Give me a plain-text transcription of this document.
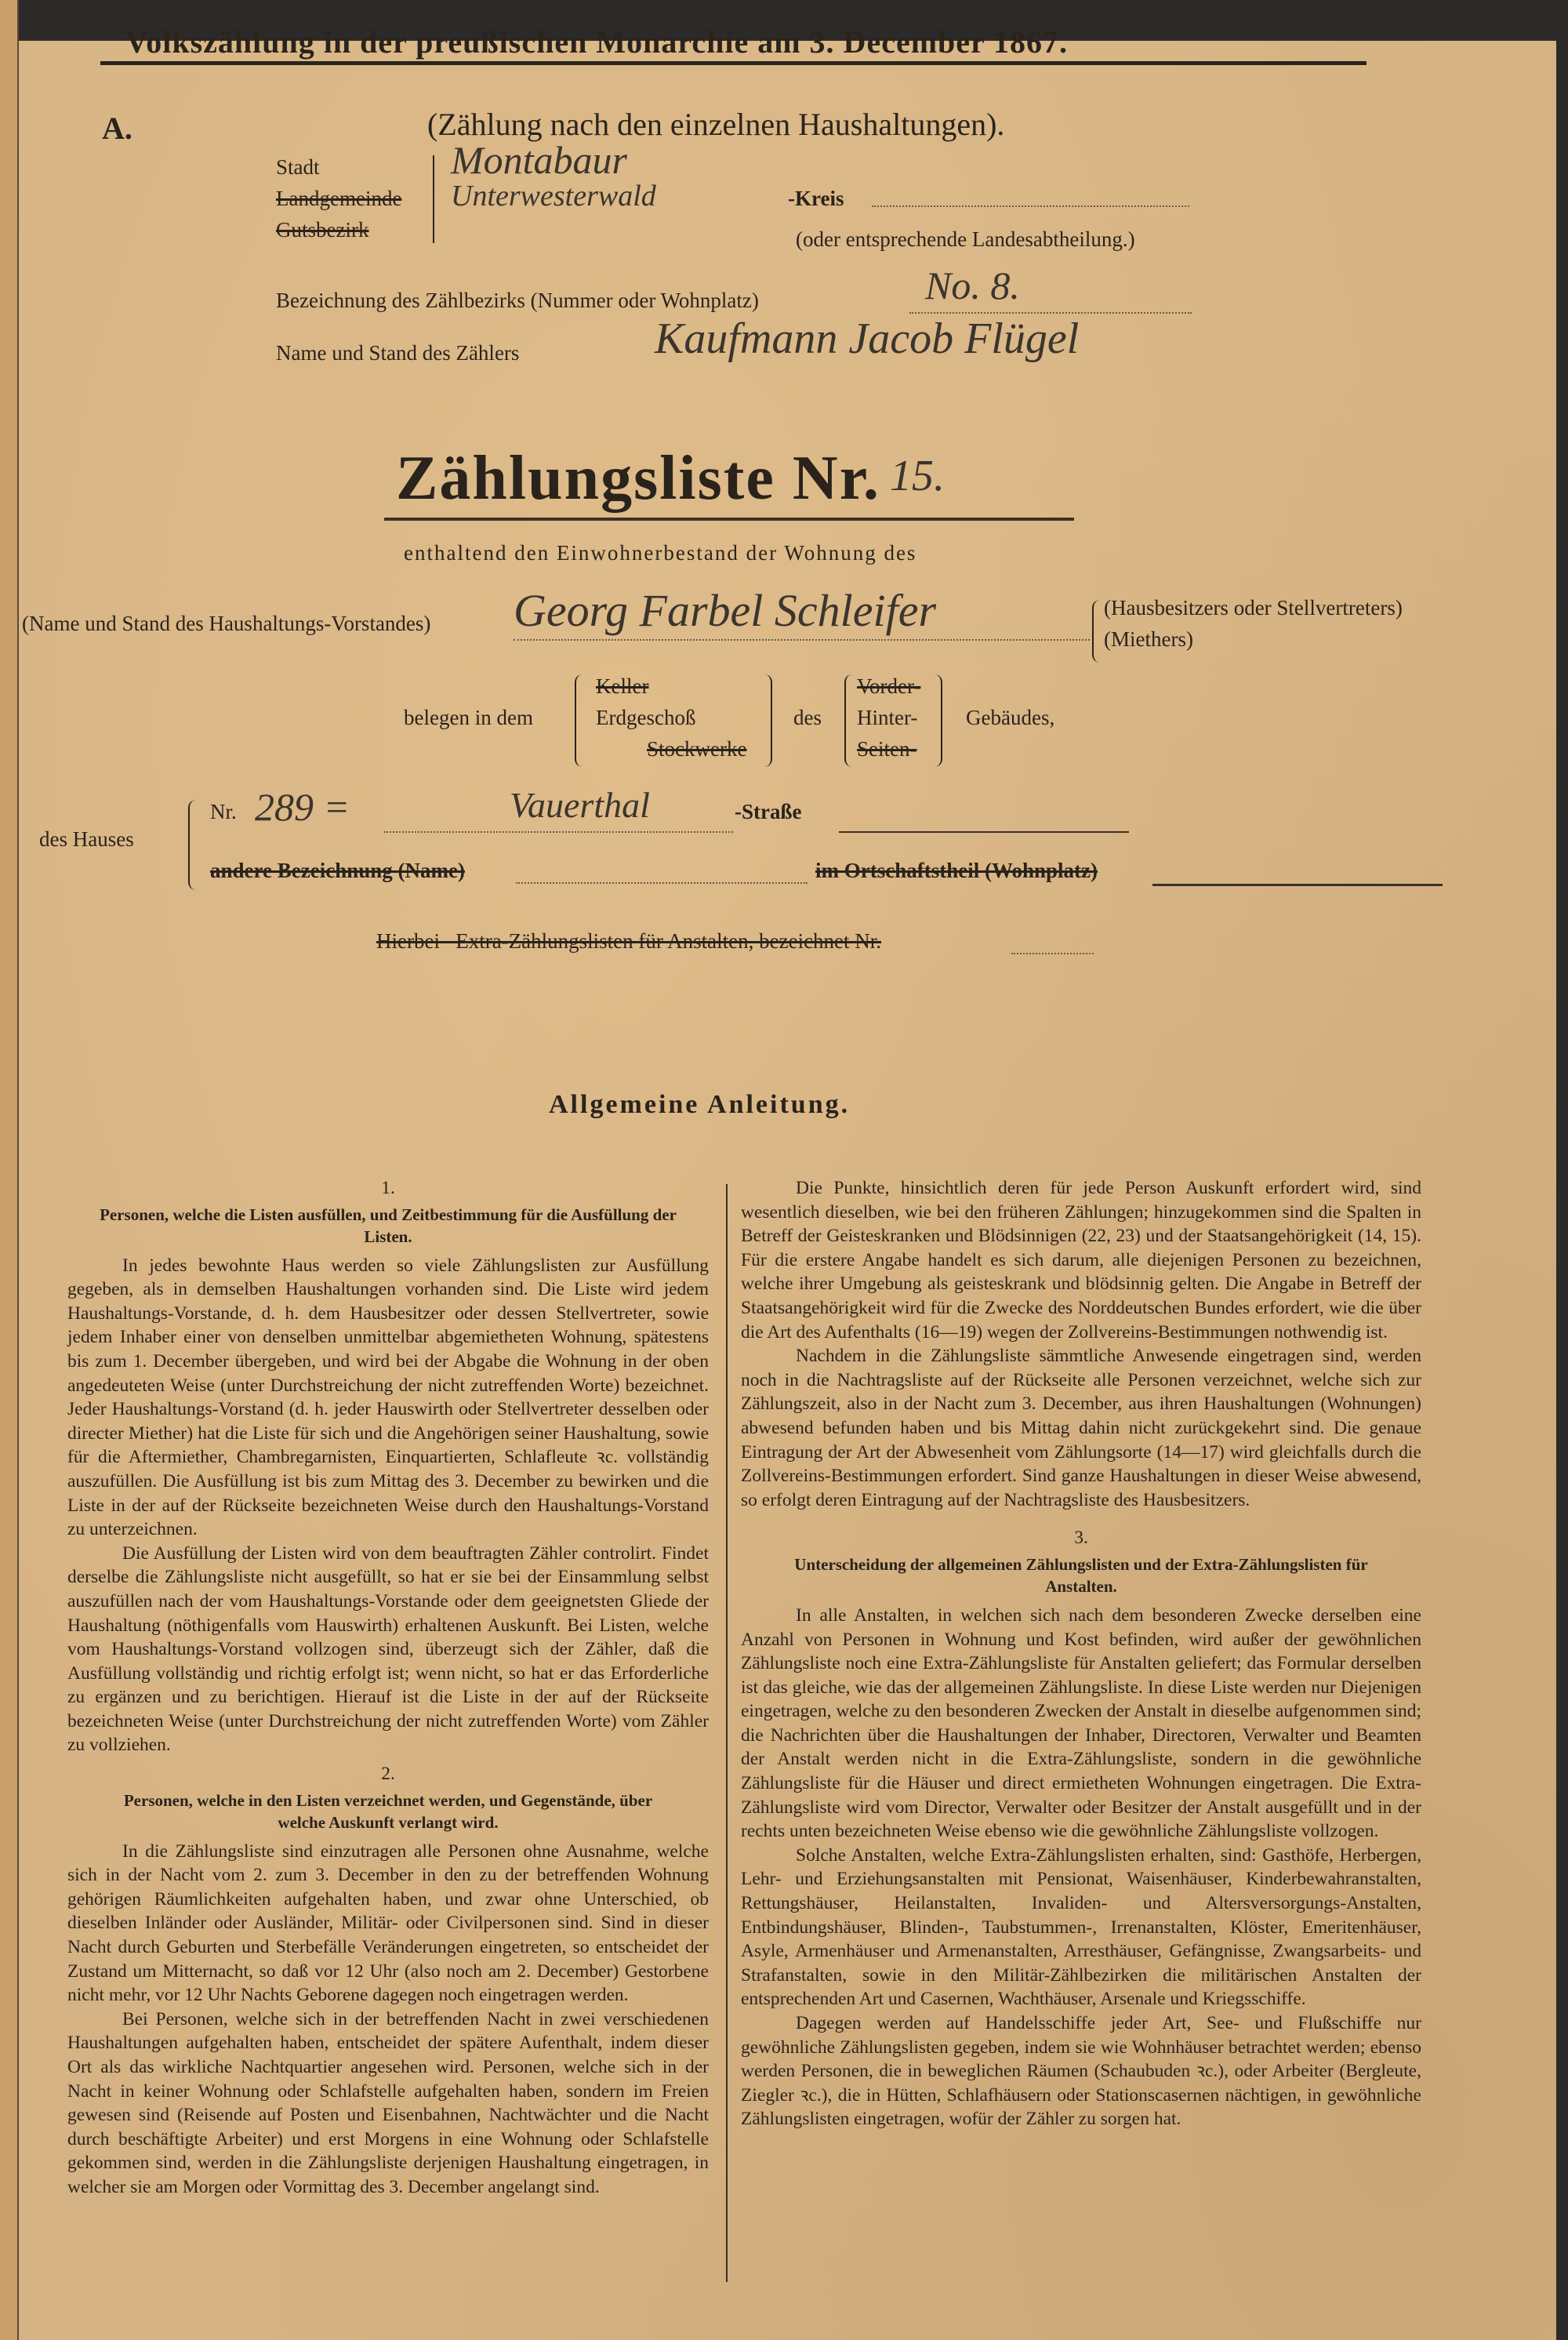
Volkszählung in der preußischen Monarchie am 3. December 1867.
A.	(Zählung nach den einzelnen Haushaltungen).
Stadt
Landgemeinde
Gutsbezirk
Montabaur
Unterwesterwald	-Kreis
(oder entsprechende Landesabtheilung.)
Bezeichnung des Zählbezirks (Nummer oder Wohnplatz)	No. 8.
Name und Stand des Zählers	Kaufmann Jacob Flügel
Zählungsliste Nr. 15.
enthaltend den Einwohnerbestand der Wohnung des
(Name und Stand des Haushaltungs-Vorstandes) Georg Farbel Schleifer	(Hausbesitzers oder Stellvertreters)
(Miethers)
belegen in dem
Keller
Erdgeschoß
Stockwerke
des
Vorder-
Hinter-
Seiten-
Gebäudes,
des Hauses
Nr. 289 =	Vauerthal	-Straße
andere Bezeichnung (Name)	im Ortschaftstheil (Wohnplatz)
Hierbei   Extra-Zählungslisten für Anstalten, bezeichnet Nr.
Allgemeine Anleitung.
1.
Personen, welche die Listen ausfüllen, und Zeitbestimmung für die Ausfüllung der Listen.

In jedes bewohnte Haus werden so viele Zählungslisten zur Ausfüllung gegeben, als in demselben Haushaltungen vorhanden sind. Die Liste wird jedem Haushaltungs-Vorstande, d. h. dem Hausbesitzer oder dessen Stellvertreter, sowie jedem Inhaber einer von denselben unmittelbar abgemietheten Wohnung, spätestens bis zum 1. December übergeben, und wird bei der Abgabe die Wohnung in der oben angedeuteten Weise (unter Durchstreichung der nicht zutreffenden Worte) bezeichnet. Jeder Haushaltungs-Vorstand (d. h. jeder Hauswirth oder Stellvertreter desselben oder directer Miether) hat die Liste für sich und die Angehörigen seiner Haushaltung, sowie für die Aftermiether, Chambregarnisten, Einquartierten, Schlafleute ꝛc. vollständig auszufüllen. Die Ausfüllung ist bis zum Mittag des 3. December zu bewirken und die Liste in der auf der Rückseite bezeichneten Weise durch den Haushaltungs-Vorstand zu unterzeichnen.

Die Ausfüllung der Listen wird von dem beauftragten Zähler controlirt. Findet derselbe die Zählungsliste nicht ausgefüllt, so hat er sie bei der Einsammlung selbst auszufüllen nach der vom Haushaltungs-Vorstande oder dem geeignetsten Gliede der Haushaltung (nöthigenfalls vom Hauswirth) erhaltenen Auskunft. Bei Listen, welche vom Haushaltungs-Vorstand vollzogen sind, überzeugt sich der Zähler, daß die Ausfüllung vollständig und richtig erfolgt ist; wenn nicht, so hat er das Erforderliche zu ergänzen und zu berichtigen. Hierauf ist die Liste in der auf der Rückseite bezeichneten Weise (unter Durchstreichung der nicht zutreffenden Worte) vom Zähler zu vollziehen.

2.
Personen, welche in den Listen verzeichnet werden, und Gegenstände, über welche Auskunft verlangt wird.

In die Zählungsliste sind einzutragen alle Personen ohne Ausnahme, welche sich in der Nacht vom 2. zum 3. December in den zu der betreffenden Wohnung gehörigen Räumlichkeiten aufgehalten haben, und zwar ohne Unterschied, ob dieselben Inländer oder Ausländer, Militär- oder Civilpersonen sind. Sind in dieser Nacht durch Geburten und Sterbefälle Veränderungen eingetreten, so entscheidet der Zustand um Mitternacht, so daß vor 12 Uhr (also noch am 2. December) Gestorbene nicht mehr, vor 12 Uhr Nachts Geborene dagegen noch eingetragen werden.

Bei Personen, welche sich in der betreffenden Nacht in zwei verschiedenen Haushaltungen aufgehalten haben, entscheidet der spätere Aufenthalt, indem dieser Ort als das wirkliche Nachtquartier angesehen wird. Personen, welche sich in der Nacht in keiner Wohnung oder Schlafstelle aufgehalten haben, sondern im Freien gewesen sind (Reisende auf Posten und Eisenbahnen, Nachtwächter und die Nacht durch beschäftigte Arbeiter) und erst Morgens in eine Wohnung oder Schlafstelle gekommen sind, werden in die Zählungsliste derjenigen Haushaltung eingetragen, in welcher sie am Morgen oder Vormittag des 3. December angelangt sind.

Die Punkte, hinsichtlich deren für jede Person Auskunft erfordert wird, sind wesentlich dieselben, wie bei den früheren Zählungen; hinzugekommen sind die Spalten in Betreff der Geisteskranken und Blödsinnigen (22, 23) und der Staatsangehörigkeit (14, 15). Für die erstere Angabe handelt es sich darum, alle diejenigen Personen zu bezeichnen, welche ihrer Umgebung als geisteskrank und blödsinnig gelten. Die Angabe in Betreff der Staatsangehörigkeit wird für die Zwecke des Norddeutschen Bundes erfordert, wie die über die Art des Aufenthalts (16—19) wegen der Zollvereins-Bestimmungen nothwendig ist.

Nachdem in die Zählungsliste sämmtliche Anwesende eingetragen sind, werden noch in die Nachtragsliste auf der Rückseite alle Personen verzeichnet, welche sich zur Zählungszeit, also in der Nacht zum 3. December, aus ihren Haushaltungen (Wohnungen) abwesend befunden haben und bis Mittag dahin nicht zurückgekehrt sind. Die genaue Eintragung der Art der Abwesenheit vom Zählungsorte (14—17) wird gleichfalls durch die Zollvereins-Bestimmungen erfordert. Sind ganze Haushaltungen in dieser Weise abwesend, so erfolgt deren Eintragung auf der Nachtragsliste des Hausbesitzers.

3.
Unterscheidung der allgemeinen Zählungslisten und der Extra-Zählungslisten für Anstalten.

In alle Anstalten, in welchen sich nach dem besonderen Zwecke derselben eine Anzahl von Personen in Wohnung und Kost befinden, wird außer der gewöhnlichen Zählungsliste noch eine Extra-Zählungsliste für Anstalten geliefert; das Formular derselben ist das gleiche, wie das der allgemeinen Zählungsliste. In diese Liste werden nur Diejenigen eingetragen, welche zu den besonderen Zwecken der Anstalt in dieselbe aufgenommen sind; die Nachrichten über die Haushaltungen der Inhaber, Directoren, Verwalter und Beamten der Anstalt werden nicht in die Extra-Zählungsliste, sondern in die gewöhnliche Zählungsliste für die Häuser und direct ermietheten Wohnungen eingetragen. Die Extra-Zählungsliste wird vom Director, Verwalter oder Besitzer der Anstalt ausgefüllt und in der rechts unten bezeichneten Weise ebenso wie die gewöhnliche Zählungsliste vollzogen.

Solche Anstalten, welche Extra-Zählungslisten erhalten, sind: Gasthöfe, Herbergen, Lehr- und Erziehungsanstalten mit Pensionat, Waisenhäuser, Kinderbewahranstalten, Rettungshäuser, Heilanstalten, Invaliden- und Altersversorgungs-Anstalten, Entbindungshäuser, Blinden-, Taubstummen-, Irrenanstalten, Klöster, Emeritenhäuser, Asyle, Armenhäuser und Armenanstalten, Arresthäuser, Gefängnisse, Zwangsarbeits- und Strafanstalten, sowie in den Militär-Zählbezirken die militärischen Anstalten der entsprechenden Art und Casernen, Wachthäuser, Arsenale und Kriegsschiffe.

Dagegen werden auf Handelsschiffe jeder Art, See- und Flußschiffe nur gewöhnliche Zählungslisten gegeben, indem sie wie Wohnhäuser betrachtet werden; ebenso werden Personen, die in beweglichen Räumen (Schaubuden ꝛc.), oder Arbeiter (Bergleute, Ziegler ꝛc.), die in Hütten, Schlafhäusern oder Stationscasernen nächtigen, in gewöhnliche Zählungslisten eingetragen, wofür der Zähler zu sorgen hat.
